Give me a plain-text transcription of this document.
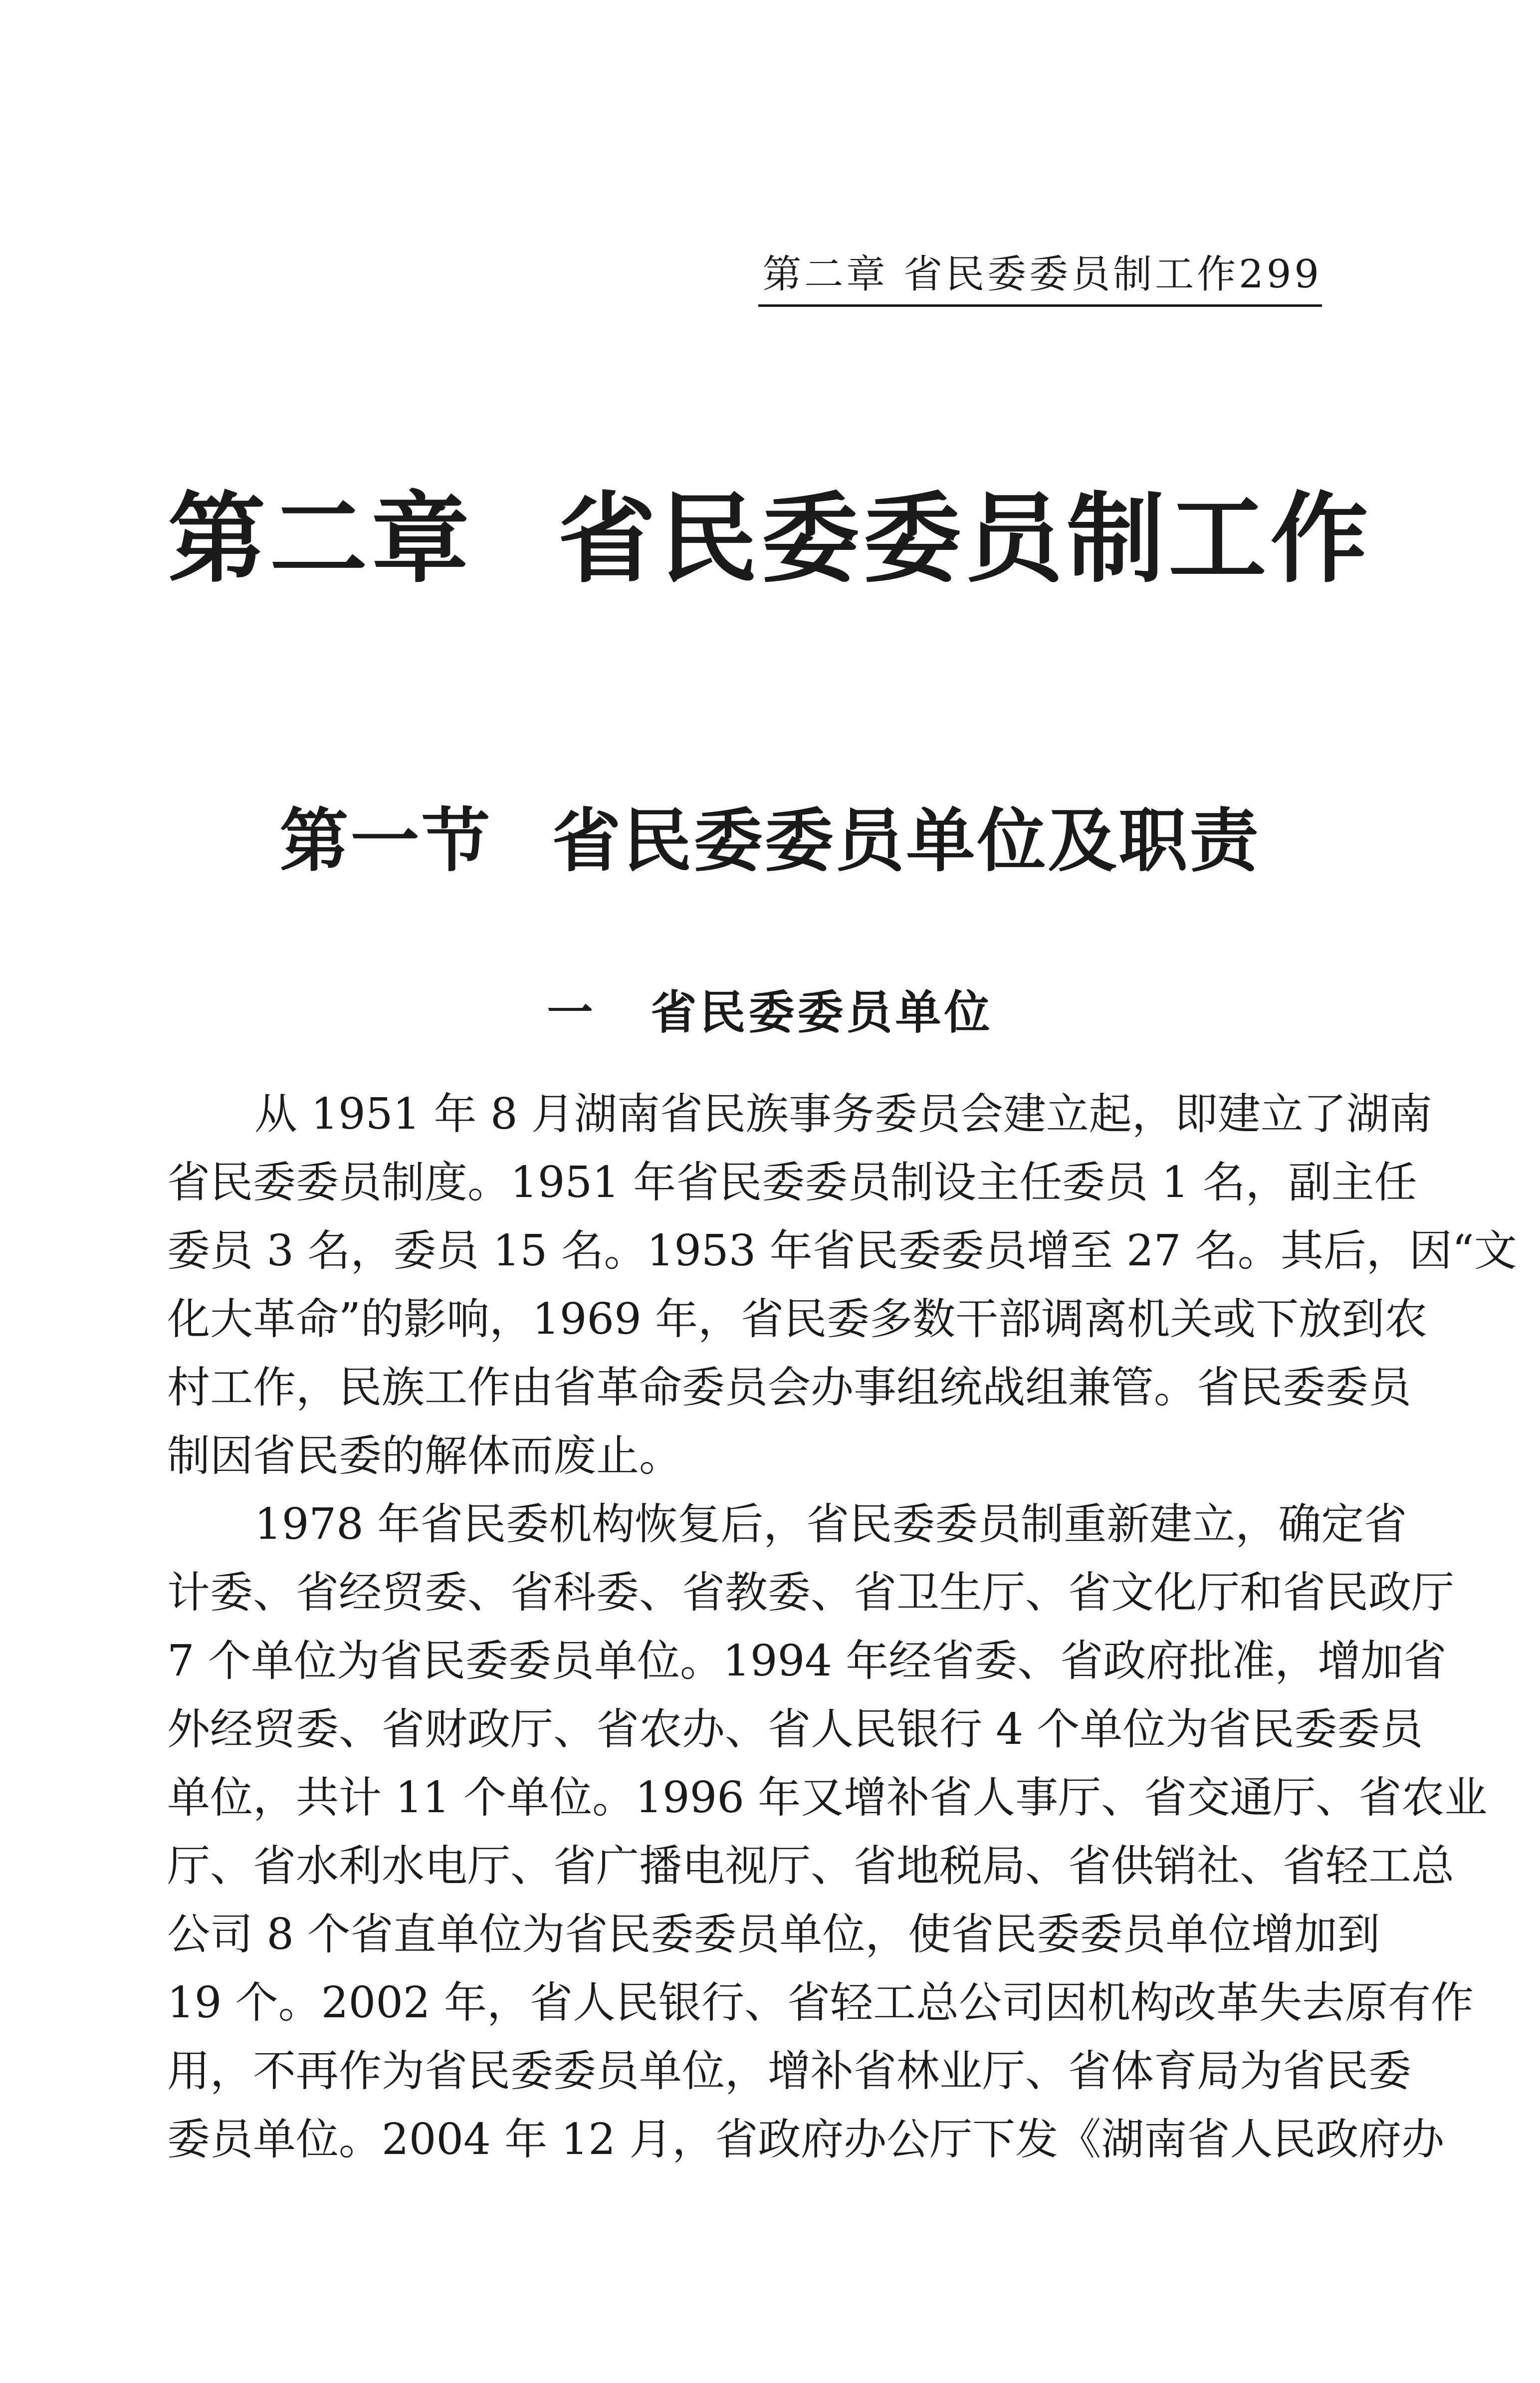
第二章 省民委委员制工作299
第二章 省民委委员制工作
第一节 省民委委员单位及职责
一 省民委委员单位
从 1951 年 8 月湖南省民族事务委员会建立起，即建立了湖南
省民委委员制度。1951 年省民委委员制设主任委员 1 名，副主任
委员 3 名，委员 15 名。1953 年省民委委员增至 27 名。其后，因“文
化大革命”的影响，1969 年，省民委多数干部调离机关或下放到农
村工作，民族工作由省革命委员会办事组统战组兼管。省民委委员
制因省民委的解体而废止。
1978 年省民委机构恢复后，省民委委员制重新建立，确定省
计委、省经贸委、省科委、省教委、省卫生厅、省文化厅和省民政厅
7 个单位为省民委委员单位。1994 年经省委、省政府批准，增加省
外经贸委、省财政厅、省农办、省人民银行 4 个单位为省民委委员
单位，共计 11 个单位。1996 年又增补省人事厅、省交通厅、省农业
厅、省水利水电厅、省广播电视厅、省地税局、省供销社、省轻工总
公司 8 个省直单位为省民委委员单位，使省民委委员单位增加到
19 个。2002 年，省人民银行、省轻工总公司因机构改革失去原有作
用，不再作为省民委委员单位，增补省林业厅、省体育局为省民委
委员单位。2004 年 12 月，省政府办公厅下发《湖南省人民政府办
